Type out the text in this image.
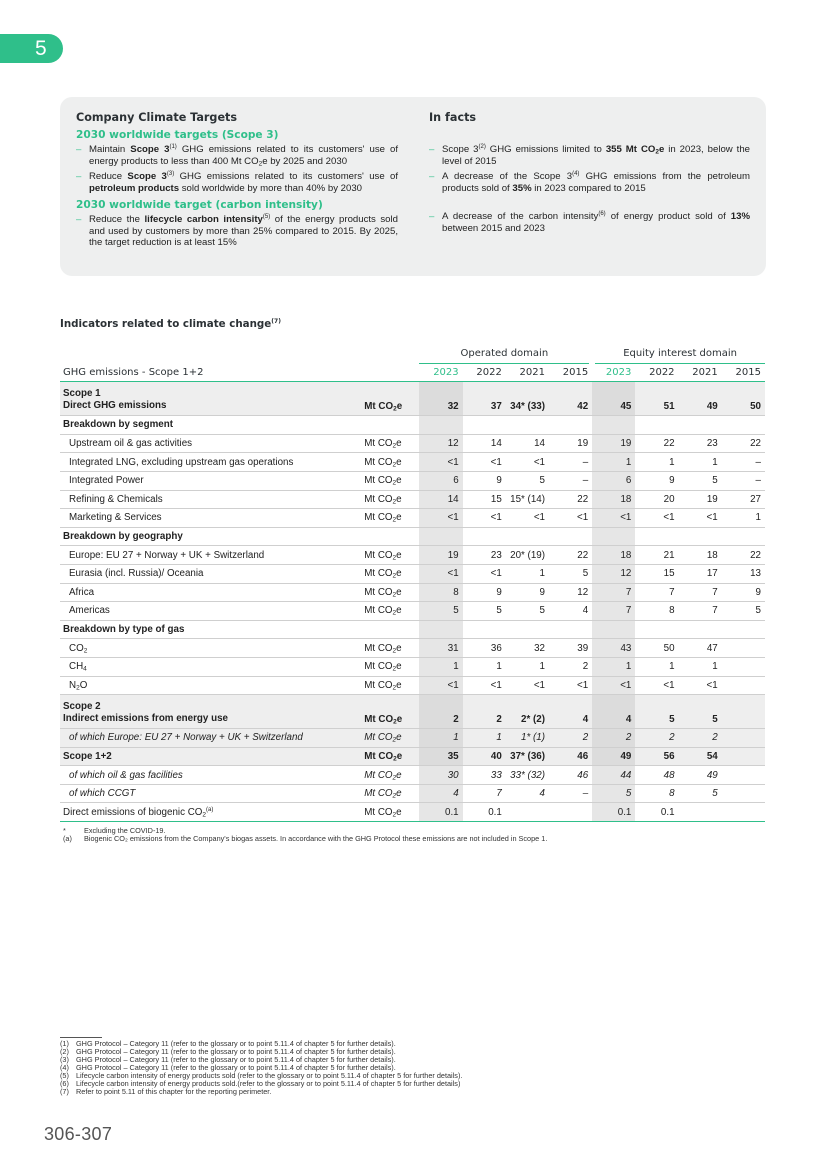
5
Company Climate Targets
2030 worldwide targets (Scope 3)
– Maintain Scope 3$^{(1)}$ GHG emissions related to its customers' use of energy products to less than 400 Mt $CO_2e$ by 2025 and 2030
– Reduce Scope 3$^{(3)}$ GHG emissions related to its customers' use of petroleum products sold worldwide by more than 40% by 2030
2030 worldwide target (carbon intensity)
– Reduce the lifecycle carbon intensity$^{(5)}$ of the energy products sold and used by customers by more than 25% compared to 2015. By 2025, the target reduction is at least 15%
In facts
– Scope 3$^{(2)}$ GHG emissions limited to 355 Mt $CO_2e$ in 2023, below the level of 2015
– A decrease of the Scope 3$^{(4)}$ GHG emissions from the petroleum products sold of 35% in 2023 compared to 2015
– A decrease of the carbon intensity$^{(6)}$ of energy product sold of 13% between 2015 and 2023
Indicators related to climate change$^{(7)}$
		Operated domain				Equity interest domain			
GHG emissions - Scope 1+2		2023	2022	2021	2015	2023	2022	2021	2015
Scope 1
Direct GHG emissions	Mt $CO_2e$	32	37	34* (33)	42	45	51	49	50
Breakdown by segment									
Upstream oil & gas activities	Mt $CO_2e$	12	14	14	19	19	22	23	22
Integrated LNG, excluding upstream gas operations	Mt $CO_2e$	<1	<1	<1	–	1	1	1	–
Integrated Power	Mt $CO_2e$	6	9	5	–	6	9	5	–
Refining & Chemicals	Mt $CO_2e$	14	15	15* (14)	22	18	20	19	27
Marketing & Services	Mt $CO_2e$	<1	<1	<1	<1	<1	<1	<1	1
Breakdown by geography									
Europe: EU 27 + Norway + UK + Switzerland	Mt $CO_2e$	19	23	20* (19)	22	18	21	18	22
Eurasia (incl. Russia)/ Oceania	Mt $CO_2e$	<1	<1	1	5	12	15	17	13
Africa	Mt $CO_2e$	8	9	9	12	7	7	7	9
Americas	Mt $CO_2e$	5	5	5	4	7	8	7	5
Breakdown by type of gas									
$CO_2$	Mt $CO_2e$	31	36	32	39	43	50	47	
$CH_4$	Mt $CO_2e$	1	1	1	2	1	1	1	
$N_2O$	Mt $CO_2e$	<1	<1	<1	<1	<1	<1	<1	
Scope 2
Indirect emissions from energy use	Mt $CO_2e$	2	2	2* (2)	4	4	5	5	
of which Europe: EU 27 + Norway + UK + Switzerland	Mt $CO_2e$	1	1	1* (1)	2	2	2	2	
Scope 1+2	Mt $CO_2e$	35	40	37* (36)	46	49	56	54	
of which oil & gas facilities	Mt $CO_2e$	30	33	33* (32)	46	44	48	49	
of which CCGT	Mt $CO_2e$	4	7	4	–	5	8	5	
Direct emissions of biogenic $CO_2^{(a)}$	Mt $CO_2e$	0.1	0.1			0.1	0.1		
* Excluding the COVID-19.
(a) Biogenic CO₂ emissions from the Company's biogas assets. In accordance with the GHG Protocol these emissions are not included in Scope 1.
(1) GHG Protocol – Category 11 (refer to the glossary or to point 5.11.4 of chapter 5 for further details).
(2) GHG Protocol – Category 11 (refer to the glossary or to point 5.11.4 of chapter 5 for further details).
(3) GHG Protocol – Category 11 (refer to the glossary or to point 5.11.4 of chapter 5 for further details).
(4) GHG Protocol – Category 11 (refer to the glossary or to point 5.11.4 of chapter 5 for further details).
(5) Lifecycle carbon intensity of energy products sold (refer to the glossary or to point 5.11.4 of chapter 5 for further details).
(6) Lifecycle carbon intensity of energy products sold.(refer to the glossary or to point 5.11.4 of chapter 5 for further details)
(7) Refer to point 5.11 of this chapter for the reporting perimeter.
306-307
